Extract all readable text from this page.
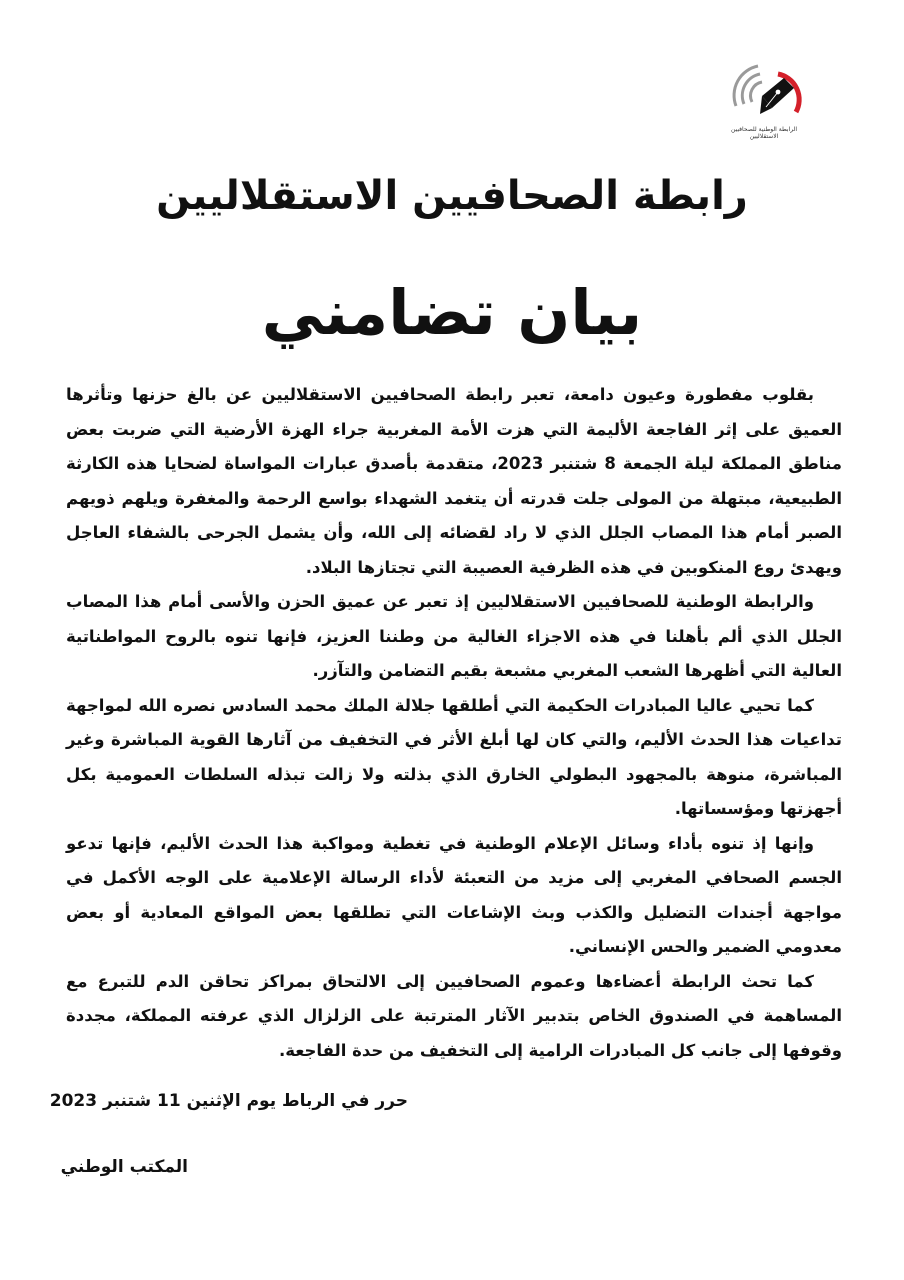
الرابطة الوطنية للصحافيين الاستقلاليين
رابطة الصحافيين الاستقلاليين
بيان تضامني

بقلوب مفطورة وعيون دامعة، تعبر رابطة الصحافيين الاستقلاليين عن بالغ حزنها وتأثرها العميق على إثر الفاجعة الأليمة التي هزت الأمة المغربية جراء الهزة الأرضية التي ضربت بعض مناطق المملكة ليلة الجمعة 8 شتنبر 2023، متقدمة بأصدق عبارات المواساة لضحايا هذه الكارثة الطبيعية، مبتهلة من المولى جلت قدرته أن يتغمد الشهداء بواسع الرحمة والمغفرة ويلهم ذويهم الصبر أمام هذا المصاب الجلل الذي لا راد لقضائه إلى الله، وأن يشمل الجرحى بالشفاء العاجل ويهدئ روع المنكوبين في هذه الظرفية العصيبة التي تجتازها البلاد.

والرابطة الوطنية للصحافيين الاستقلاليين إذ تعبر عن عميق الحزن والأسى أمام هذا المصاب الجلل الذي ألم بأهلنا في هذه الاجزاء الغالية من وطننا العزيز، فإنها تنوه بالروح المواطناتية العالية التي أظهرها الشعب المغربي مشبعة بقيم التضامن والتآزر.

كما تحيي عاليا المبادرات الحكيمة التي أطلقها جلالة الملك محمد السادس نصره الله لمواجهة تداعيات هذا الحدث الأليم، والتي كان لها أبلغ الأثر في التخفيف من آثارها القوية المباشرة وغير المباشرة، منوهة بالمجهود البطولي الخارق الذي بذلته ولا زالت تبذله السلطات العمومية بكل أجهزتها ومؤسساتها.

وإنها إذ تنوه بأداء وسائل الإعلام الوطنية في تغطية ومواكبة هذا الحدث الأليم، فإنها تدعو الجسم الصحافي المغربي إلى مزيد من التعبئة لأداء الرسالة الإعلامية على الوجه الأكمل في مواجهة أجندات التضليل والكذب وبث الإشاعات التي تطلقها بعض المواقع المعادية أو بعض معدومي الضمير والحس الإنساني.

كما تحث الرابطة أعضاءها وعموم الصحافيين إلى الالتحاق بمراكز تحاقن الدم للتبرع مع المساهمة في الصندوق الخاص بتدبير الآثار المترتبة على الزلزال الذي عرفته المملكة، مجددة وقوفها إلى جانب كل المبادرات الرامية إلى التخفيف من حدة الفاجعة.

حرر في الرباط يوم الإثنين 11 شتنبر 2023
المكتب الوطني
